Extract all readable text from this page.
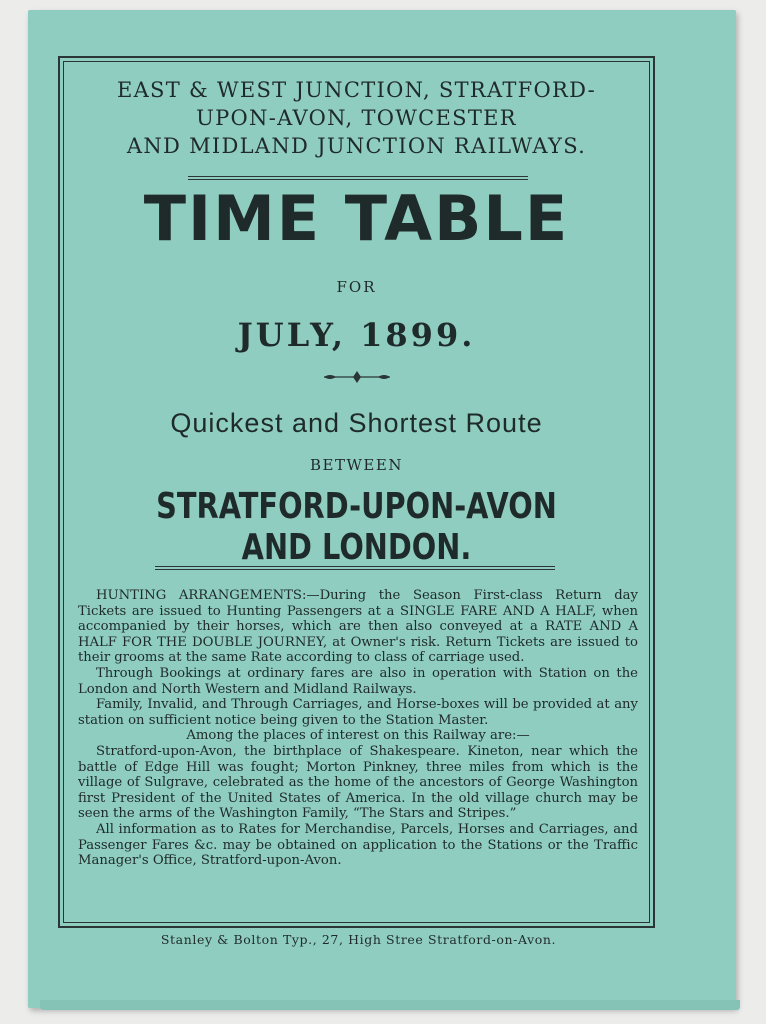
EAST & WEST JUNCTION, STRATFORD-
UPON-AVON, TOWCESTER
AND MIDLAND JUNCTION RAILWAYS.
TIME TABLE
FOR
JULY, 1899.
Quickest and Shortest Route
BETWEEN
STRATFORD-UPON-AVON AND LONDON.

HUNTING ARRANGEMENTS:—During the Season First-class Return day Tickets are issued to Hunting Passengers at a SINGLE FARE AND A HALF, when accompanied by their horses, which are then also conveyed at a RATE AND A HALF FOR THE DOUBLE JOURNEY, at Owner's risk. Return Tickets are issued to their grooms at the same Rate according to class of carriage used.

Through Bookings at ordinary fares are also in operation with Station on the London and North Western and Midland Railways.

Family, Invalid, and Through Carriages, and Horse-boxes will be provided at any station on sufficient notice being given to the Station Master.

Among the places of interest on this Railway are:—

Stratford-upon-Avon, the birthplace of Shakespeare. Kineton, near which the battle of Edge Hill was fought; Morton Pinkney, three miles from which is the village of Sulgrave, celebrated as the home of the ancestors of George Washington first President of the United States of America. In the old village church may be seen the arms of the Washington Family, “The Stars and Stripes.”

All information as to Rates for Merchandise, Parcels, Horses and Carriages, and Passenger Fares &c. may be obtained on application to the Stations or the Traffic Manager's Office, Stratford-upon-Avon.

Stanley & Bolton Typ., 27, High Stree Stratford-on-Avon.
